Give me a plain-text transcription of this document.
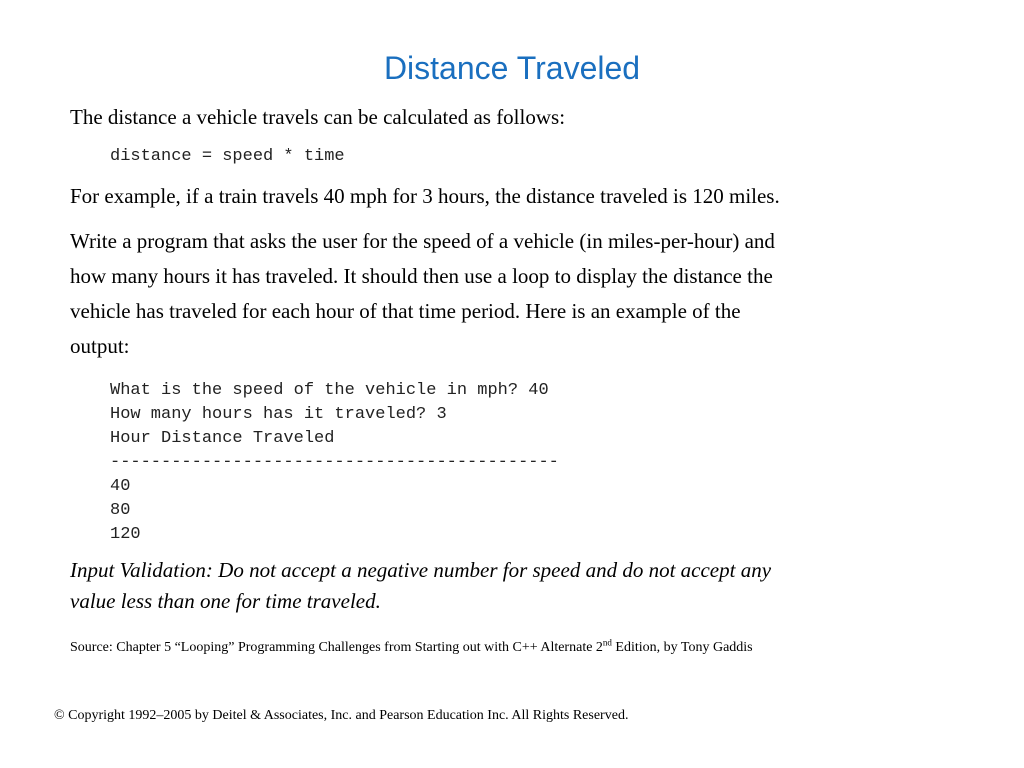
Distance Traveled
The distance a vehicle travels can be calculated as follows:
distance = speed * time
For example, if a train travels 40 mph for 3 hours, the distance traveled is 120 miles.
Write a program that asks the user for the speed of a vehicle (in miles-per-hour) and
how many hours it has traveled. It should then use a loop to display the distance the
vehicle has traveled for each hour of that time period. Here is an example of the
output:
What is the speed of the vehicle in mph? 40
How many hours has it traveled? 3
Hour Distance Traveled
--------------------------------------------
40
80
120
Input Validation: Do not accept a negative number for speed and do not accept any
value less than one for time traveled.
Source: Chapter 5 “Looping” Programming Challenges from Starting out with C++ Alternate 2nd Edition, by Tony Gaddis
© Copyright 1992–2005 by Deitel & Associates, Inc. and Pearson Education Inc. All Rights Reserved.
